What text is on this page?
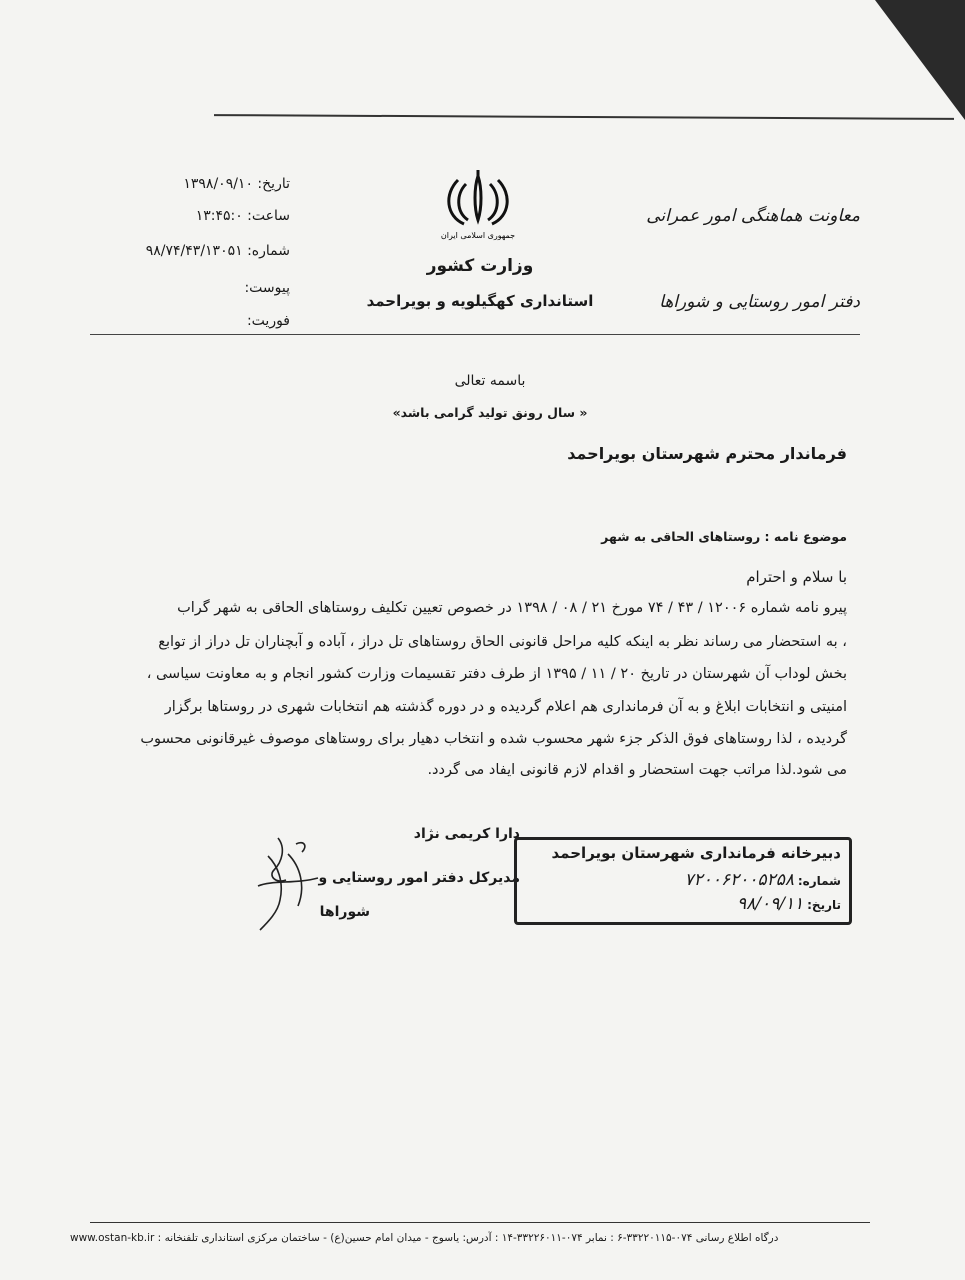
جمهوری اسلامی ایران
وزارت کشور
استانداری کهگیلویه و بویراحمد
معاونت هماهنگی امور عمرانی
دفتر امور روستایی و شوراها
تاریخ: ۱۳۹۸/۰۹/۱۰
ساعت: ۱۳:۴۵:۰
شماره: ۹۸/۷۴/۴۳/۱۳۰۵۱
پیوست:
فوریت:
باسمه تعالی
« سال رونق تولید گرامی باشد»
فرماندار محترم شهرستان بویراحمد
موضوع نامه : روستاهای الحاقی به شهر
با سلام و احترام
پیرو نامه شماره ۱۲۰۰۶ / ۴۳ / ۷۴ مورخ ۲۱ / ۰۸ / ۱۳۹۸ در خصوص تعیین تکلیف روستاهای الحاقی به شهر گراب
، به استحضار می رساند نظر به اینکه کلیه مراحل قانونی الحاق روستاهای تل دراز ، آباده و آبچناران تل دراز از توابع
بخش لوداب آن شهرستان در تاریخ ۲۰ / ۱۱ / ۱۳۹۵ از طرف دفتر تقسیمات وزارت کشور انجام و به معاونت سیاسی ،
امنیتی و انتخابات ابلاغ و به آن فرمانداری هم اعلام گردیده و در دوره گذشته هم انتخابات شهری در روستاها برگزار
گردیده ، لذا روستاهای فوق الذکر جزء شهر محسوب شده و انتخاب دهیار برای روستاهای موصوف غیرقانونی محسوب
می شود.لذا مراتب جهت استحضار و اقدام لازم قانونی ایفاد می گردد.
دارا کریمی نژاد
مدیرکل دفتر امور روستایی و
شوراها
دبیرخانه فرمانداری شهرستان بویراحمد
شماره: ۷۲۰۰۶۲۰۰۵۲۵۸
تاریخ: ۹۸/۰۹/۱۱
www.ostan-kb.ir : درگاه اطلاع رسانی ۰۷۴-۳۳۲۲۰۱۱۵-۶ : نمابر ۰۷۴-۳۳۲۲۶۰۱۱-۱۴ : آدرس: یاسوج - میدان امام حسین(ع) - ساختمان مرکزی استانداری تلفنخانه
